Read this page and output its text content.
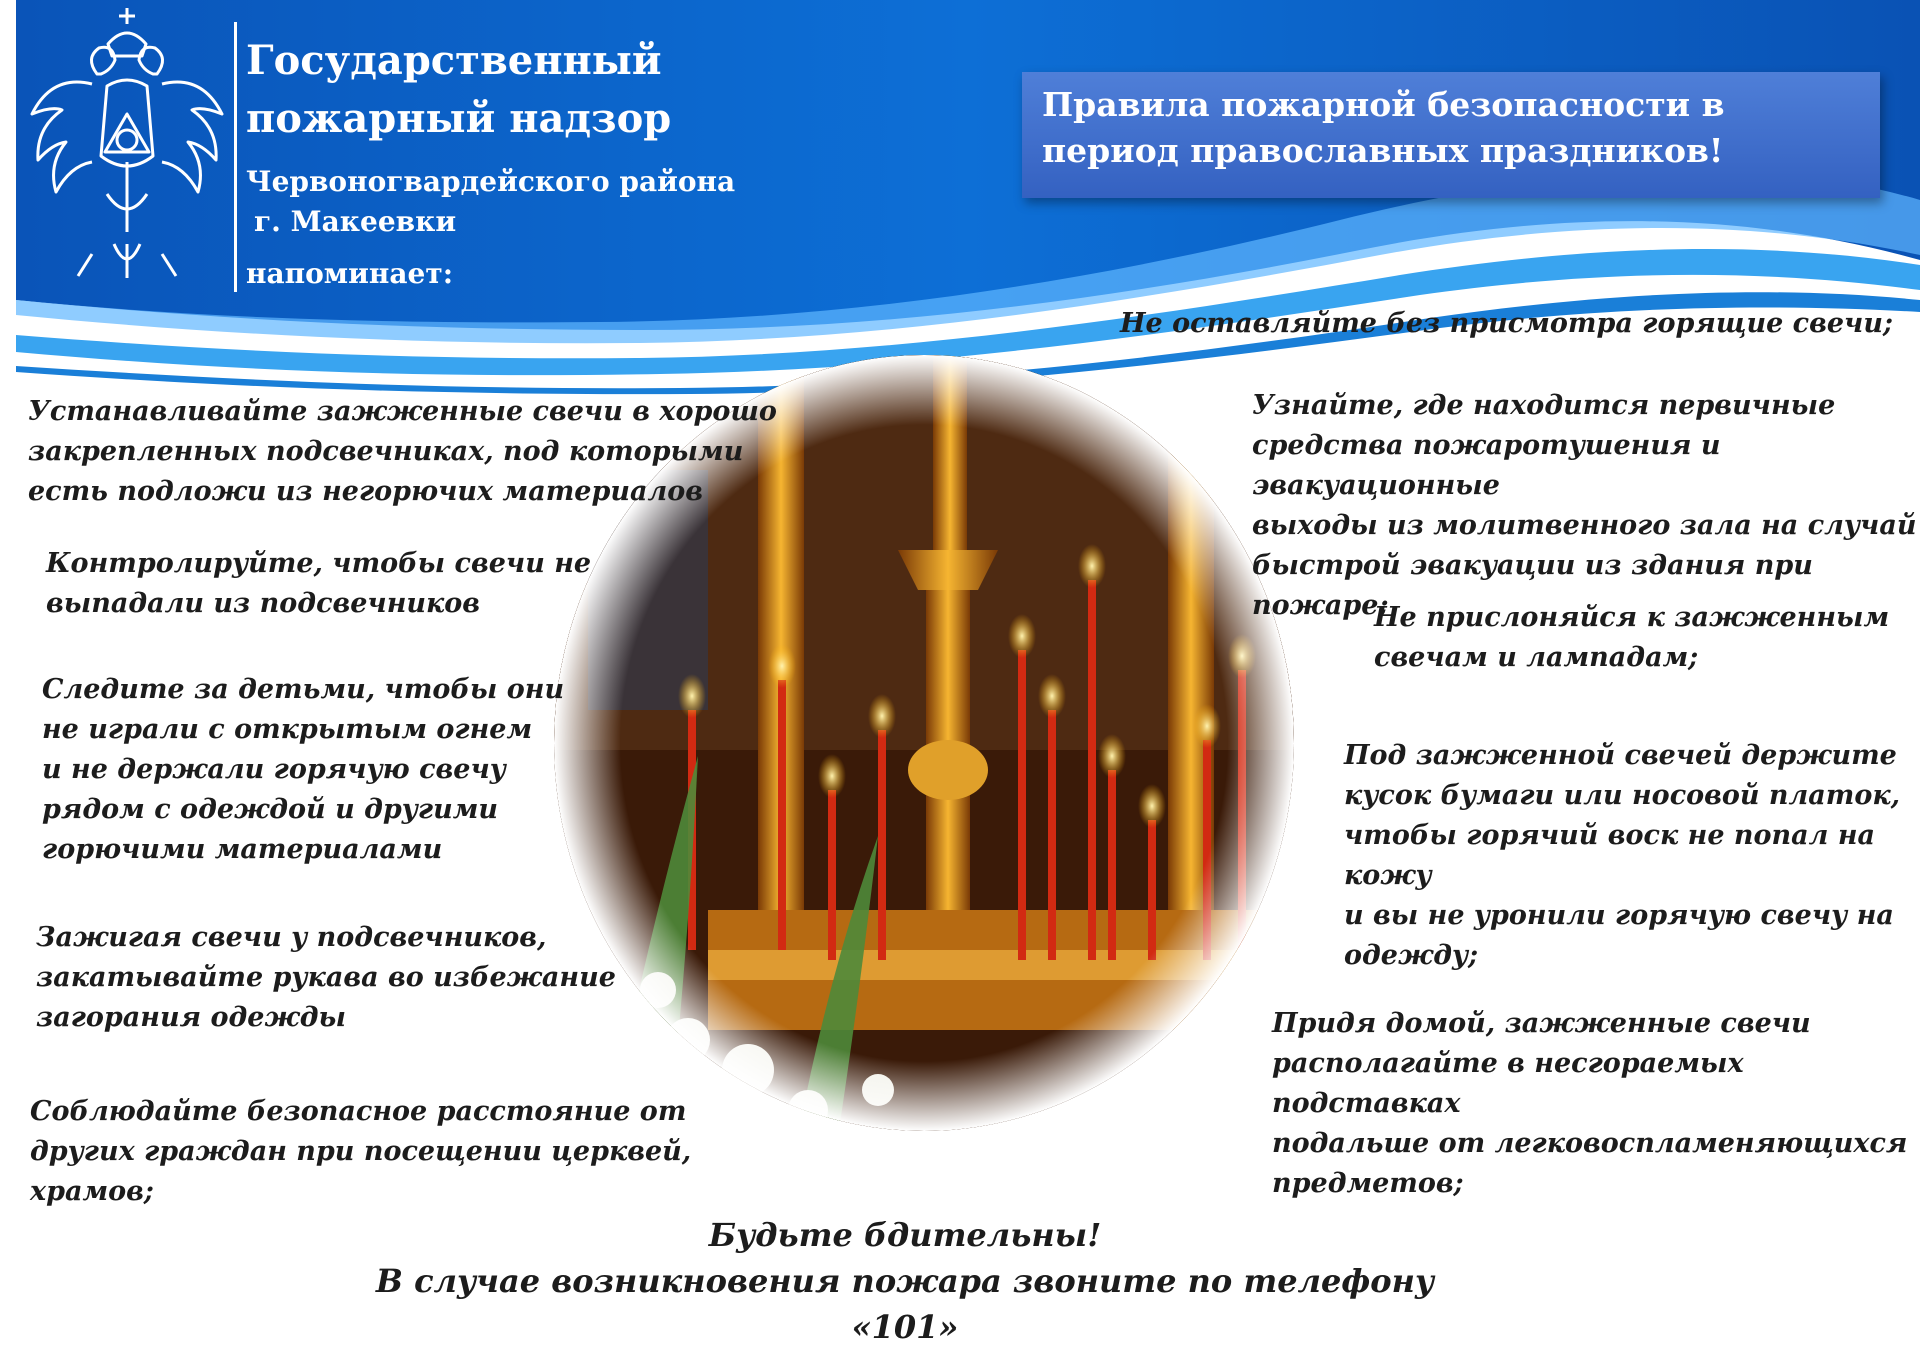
Государственный
пожарный надзор
Червоногвардейского района
г. Макеевки
напоминает:
Правила пожарной безопасности в период православных праздников!
Устанавливайте зажженные свечи в хорошо
закрепленных подсвечниках, под которыми
есть подложи из негорючих материалов
Контролируйте, чтобы свечи не
выпадали из подсвечников
Следите за детьми, чтобы они
не играли с открытым огнем
и не держали горячую свечу
рядом с одеждой и другими
горючими материалами
Зажигая свечи у подсвечников,
закатывайте рукава во избежание
загорания одежды
Соблюдайте безопасное расстояние от
других граждан при посещении церквей,
храмов;
Не оставляйте без присмотра горящие свечи;
Узнайте, где находится первичные
средства пожаротушения и эвакуационные
выходы из молитвенного зала на случай
быстрой эвакуации из здания при пожаре;
Не прислоняйся к зажженным
свечам и лампадам;
Под зажженной свечей держите
кусок бумаги или носовой платок,
чтобы горячий воск не попал на кожу
и вы не уронили горячую свечу на
одежду;
Придя домой, зажженные свечи
располагайте в несгораемых подставках
подальше от легковоспламеняющихся
предметов;
Будьте бдительны!
В случае возникновения пожара звоните по телефону
«101»
